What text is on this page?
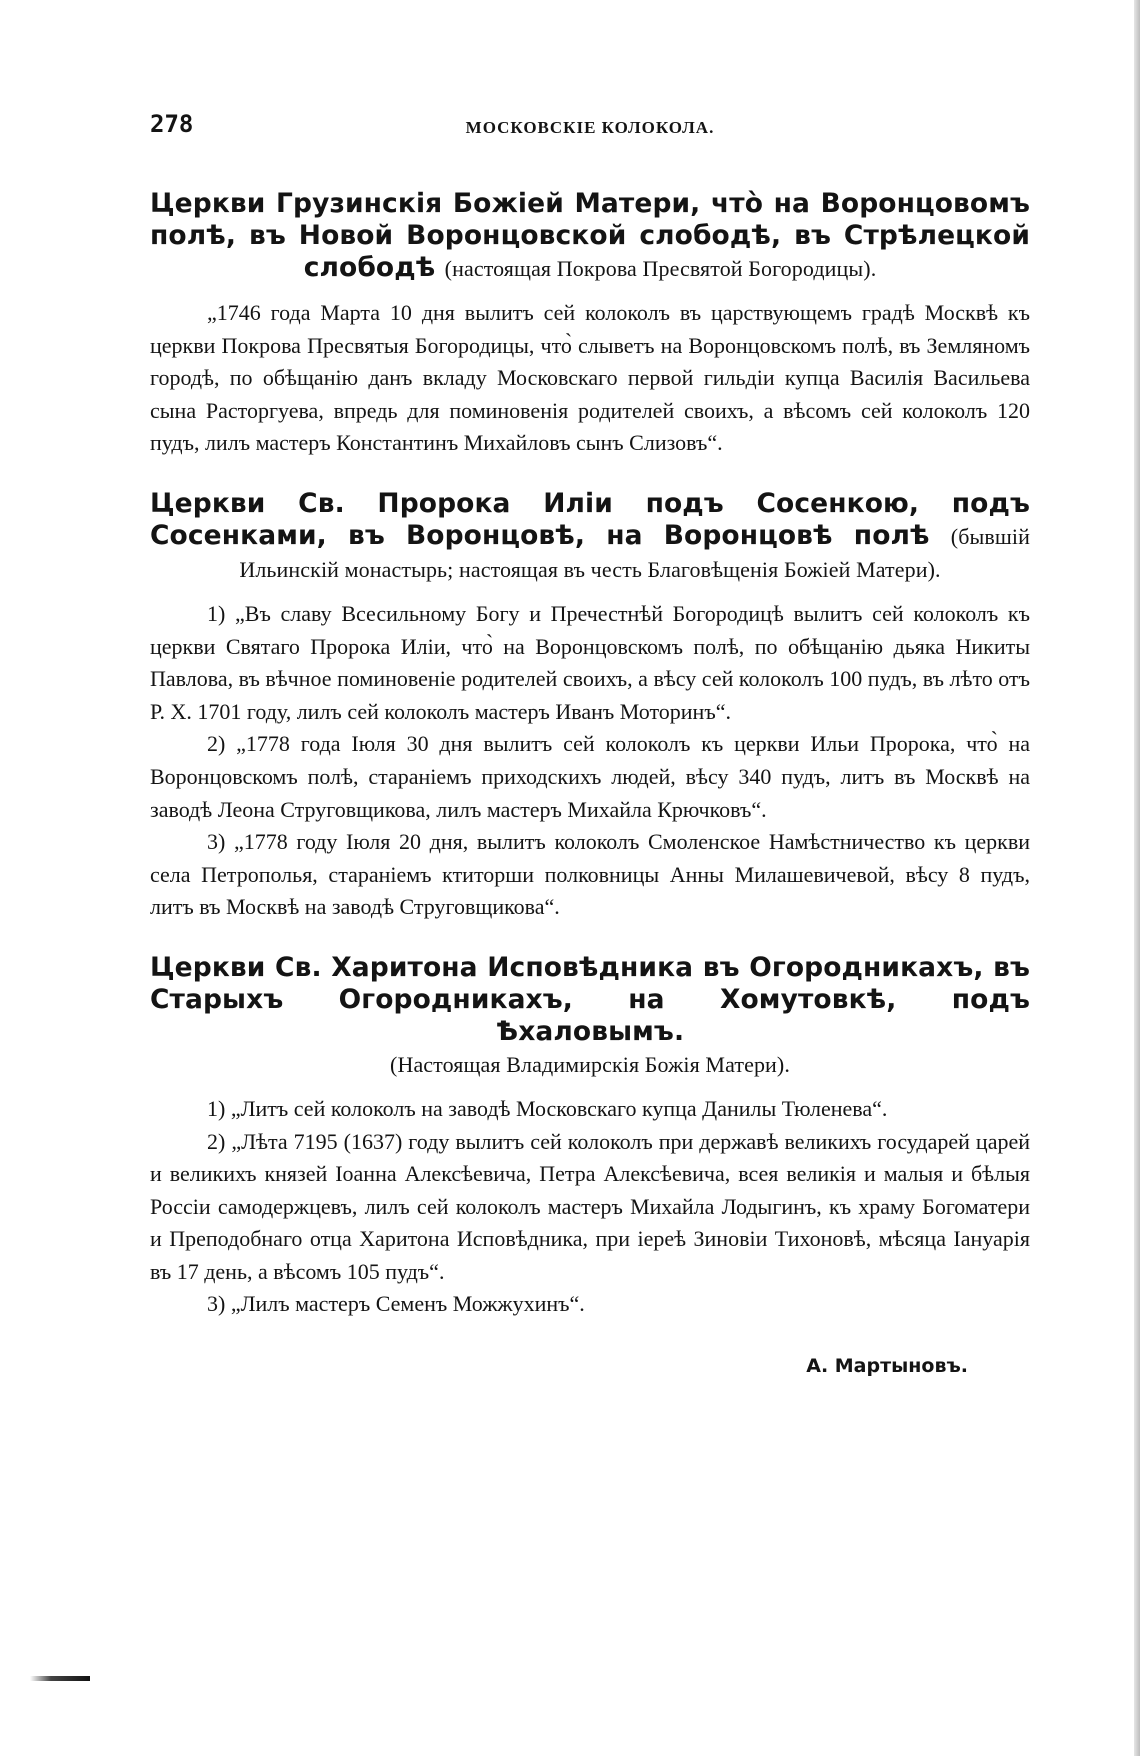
278	МОСКОВСКІЕ КОЛОКОЛА.
Церкви Грузинскія Божіей Матери, что̀ на Воронцовомъ полѣ, въ Новой Воронцовской слободѣ, въ Стрѣлецкой слободѣ (настоящая Покрова Пресвятой Богородицы).

„1746 года Марта 10 дня вылитъ сей колоколъ въ царствующемъ градѣ Москвѣ къ церкви Покрова Пресвятыя Богородицы, что̀ слыветъ на Воронцовскомъ полѣ, въ Земляномъ городѣ, по обѣщанію данъ вкладу Московскаго первой гильдіи купца Василія Васильева сына Расторгуева, впредь для поминовенія родителей своихъ, а вѣсомъ сей колоколъ 120 пудъ, лилъ мастеръ Константинъ Михайловъ сынъ Слизовъ“.

Церкви Св. Пророка Иліи подъ Сосенкою, подъ Сосенками, въ Воронцовѣ, на Воронцовѣ полѣ (бывшій Ильинскій монастырь; настоящая въ честь Благовѣщенія Божіей Матери).

1) „Въ славу Всесильному Богу и Пречестнѣй Богородицѣ вылитъ сей колоколъ къ церкви Святаго Пророка Иліи, что̀ на Воронцовскомъ полѣ, по обѣщанію дьяка Никиты Павлова, въ вѣчное поминовеніе родителей своихъ, а вѣсу сей колоколъ 100 пудъ, въ лѣто отъ Р. Х. 1701 году, лилъ сей колоколъ мастеръ Иванъ Моторинъ“.

2) „1778 года Іюля 30 дня вылитъ сей колоколъ къ церкви Ильи Пророка, что̀ на Воронцовскомъ полѣ, стараніемъ приходскихъ людей, вѣсу 340 пудъ, литъ въ Москвѣ на заводѣ Леона Струговщикова, лилъ мастеръ Михайла Крючковъ“.

3) „1778 году Іюля 20 дня, вылитъ колоколъ Смоленское Намѣстничество къ церкви села Петрополья, стараніемъ ктиторши полковницы Анны Милашевичевой, вѣсу 8 пудъ, литъ въ Москвѣ на заводѣ Струговщикова“.

Церкви Св. Харитона Исповѣдника въ Огородникахъ, въ Старыхъ Огородникахъ, на Хомутовкѣ, подъ Ѣхаловымъ.
(Настоящая Владимирскія Божія Матери).

1) „Литъ сей колоколъ на заводѣ Московскаго купца Данилы Тюленева“.

2) „Лѣта 7195 (1637) году вылитъ сей колоколъ при державѣ великихъ государей царей и великихъ князей Іоанна Алексѣевича, Петра Алексѣевича, всея великія и малыя и бѣлыя Россіи самодержцевъ, лилъ сей колоколъ мастеръ Михайла Лодыгинъ, къ храму Богоматери и Преподобнаго отца Харитона Исповѣдника, при іереѣ Зиновіи Тихоновѣ, мѣсяца Іануарія въ 17 день, а вѣсомъ 105 пудъ“.

3) „Лилъ мастеръ Семенъ Можжухинъ“.

А. Мартыновъ.
